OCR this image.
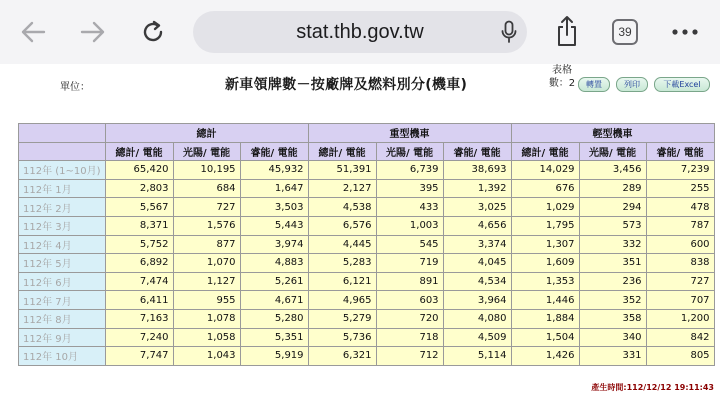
stat.thb.gov.tw	39
單位：	新車領牌數－按廠牌及燃料別分(機車)
表格數：2	轉置	列印	下載Excel
	總計			重型機車			輕型機車		
	總計/ 電能	光陽/ 電能	睿能/ 電能	總計/ 電能	光陽/ 電能	睿能/ 電能	總計/ 電能	光陽/ 電能	睿能/ 電能
112年 (1~10月)	65,420	10,195	45,932	51,391	6,739	38,693	14,029	3,456	7,239
112年 1月	2,803	684	1,647	2,127	395	1,392	676	289	255
112年 2月	5,567	727	3,503	4,538	433	3,025	1,029	294	478
112年 3月	8,371	1,576	5,443	6,576	1,003	4,656	1,795	573	787
112年 4月	5,752	877	3,974	4,445	545	3,374	1,307	332	600
112年 5月	6,892	1,070	4,883	5,283	719	4,045	1,609	351	838
112年 6月	7,474	1,127	5,261	6,121	891	4,534	1,353	236	727
112年 7月	6,411	955	4,671	4,965	603	3,964	1,446	352	707
112年 8月	7,163	1,078	5,280	5,279	720	4,080	1,884	358	1,200
112年 9月	7,240	1,058	5,351	5,736	718	4,509	1,504	340	842
112年 10月	7,747	1,043	5,919	6,321	712	5,114	1,426	331	805
產生時間:112/12/12 19:11:43
